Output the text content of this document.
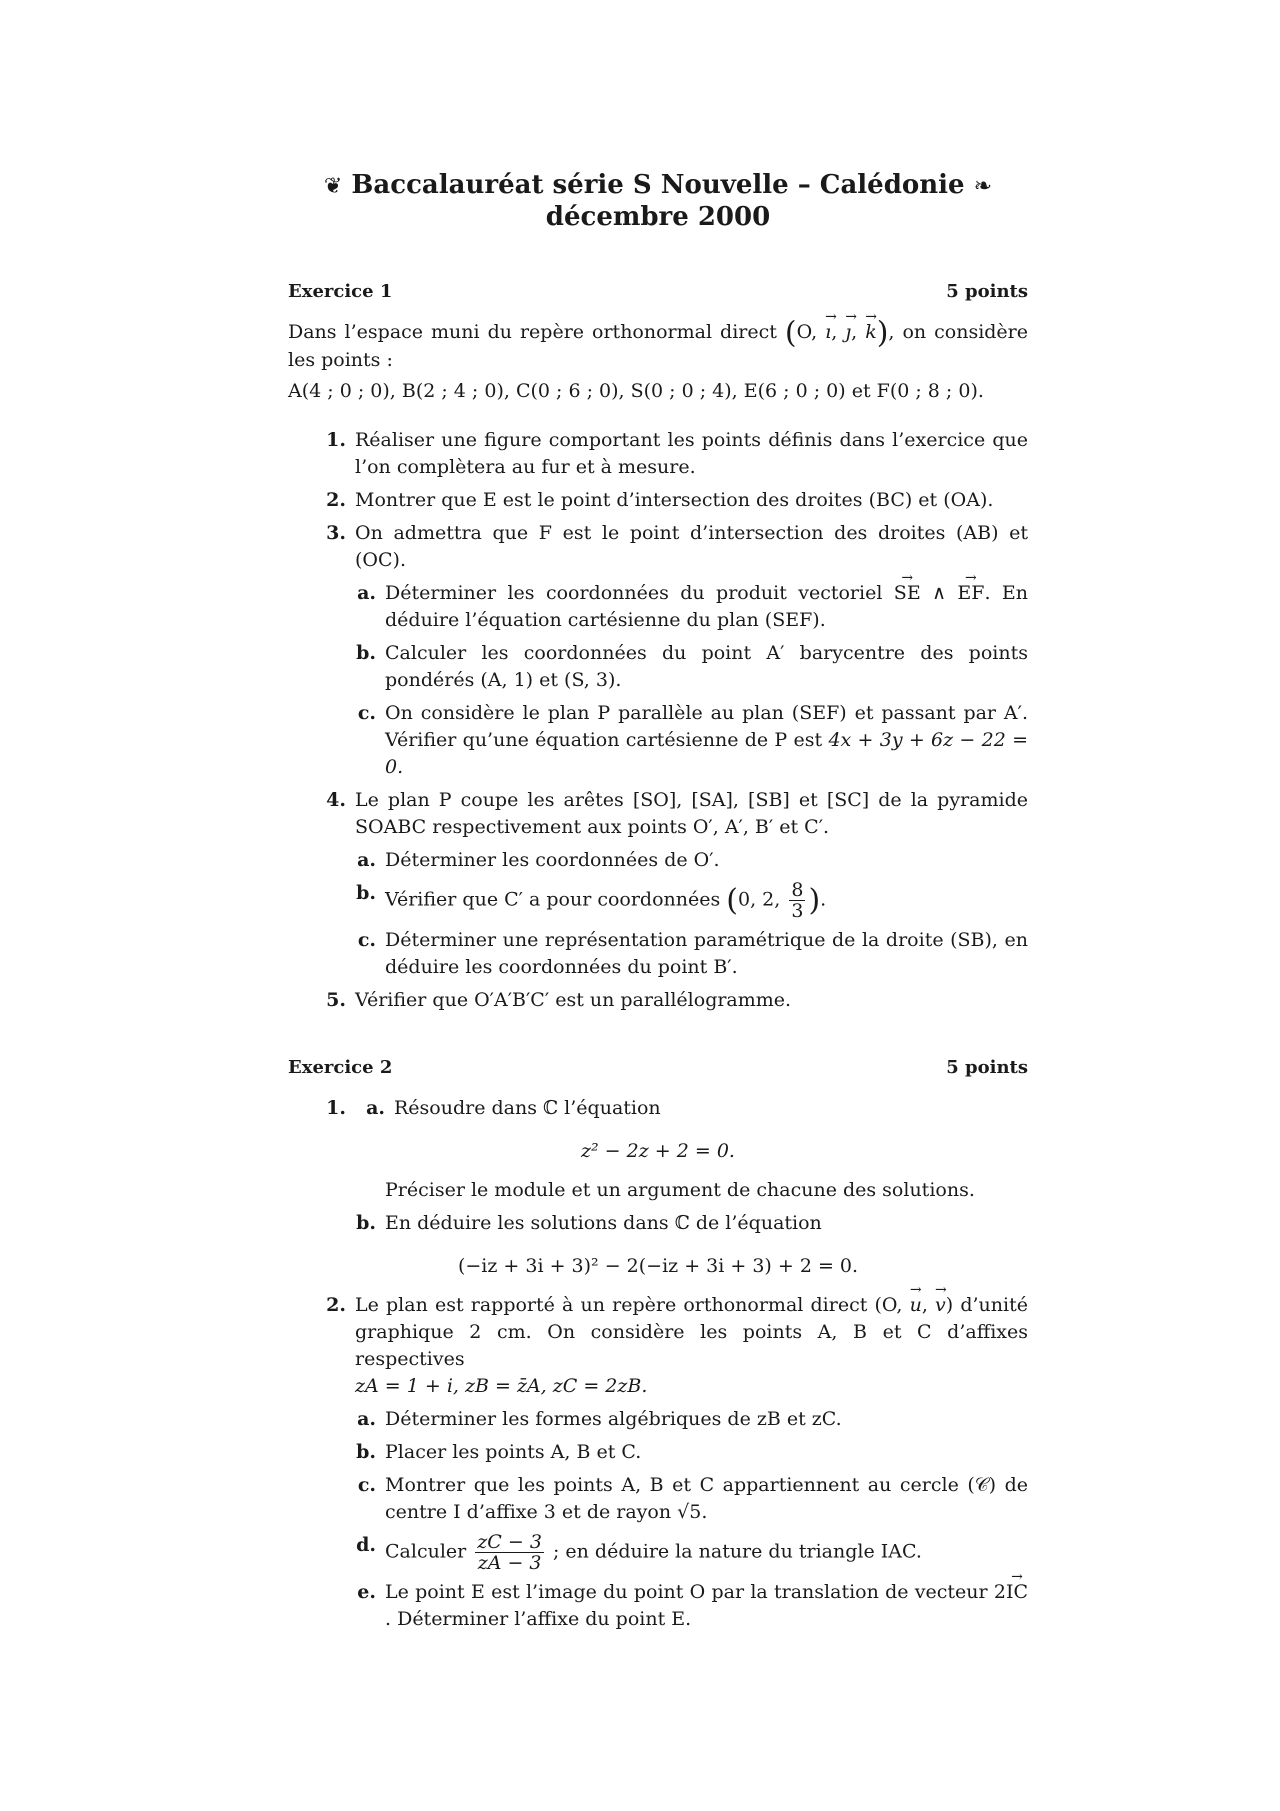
❦ Baccalauréat série S Nouvelle – Calédonie ❧
décembre 2000
Exercice 1	5 points
Dans l’espace muni du repère orthonormal direct (O, → ı, → ȷ, → k), on considère les points :
A(4 ; 0 ; 0), B(2 ; 4 ; 0), C(0 ; 6 ; 0), S(0 ; 0 ; 4), E(6 ; 0 ; 0) et F(0 ; 8 ; 0).
1. Réaliser une figure comportant les points définis dans l’exercice que l’on complètera au fur et à mesure.
2. Montrer que E est le point d’intersection des droites (BC) et (OA).
3. On admettra que F est le point d’intersection des droites (AB) et (OC).
a. Déterminer les coordonnées du produit vectoriel → SE ∧ → EF. En déduire l’équation cartésienne du plan (SEF).
b. Calculer les coordonnées du point A′ barycentre des points pondérés (A, 1) et (S, 3).
c. On considère le plan P parallèle au plan (SEF) et passant par A′. Vérifier qu’une équation cartésienne de P est 4x + 3y + 6z − 22 = 0.
4. Le plan P coupe les arêtes [SO], [SA], [SB] et [SC] de la pyramide SOABC respectivement aux points O′, A′, B′ et C′.
a. Déterminer les coordonnées de O′.
b. Vérifier que C′ a pour coordonnées (0, 2, $\frac{8}{3}$ ).
c. Déterminer une représentation paramétrique de la droite (SB), en déduire les coordonnées du point B′.
5. Vérifier que O′A′B′C′ est un parallélogramme.
Exercice 2	5 points
1.	a. Résoudre dans ℂ l’équation
z² − 2z + 2 = 0.
Préciser le module et un argument de chacune des solutions.
b. En déduire les solutions dans ℂ de l’équation
(−iz + 3i + 3)² − 2(−iz + 3i + 3) + 2 = 0.
2. Le plan est rapporté à un repère orthonormal direct (O, → u, → v) d’unité graphique 2 cm. On considère les points A, B et C d’affixes respectives
zA = 1 + i, zB = z̄A, zC = 2zB.
a. Déterminer les formes algébriques de zB et zC.
b. Placer les points A, B et C.
c. Montrer que les points A, B et C appartiennent au cercle (𝒞) de centre I d’affixe 3 et de rayon √5.
d. Calculer $\frac{zC - 3}{zA - 3}$ ; en déduire la nature du triangle IAC.
e. Le point E est l’image du point O par la translation de vecteur 2→ IC. Déterminer l’affixe du point E.
